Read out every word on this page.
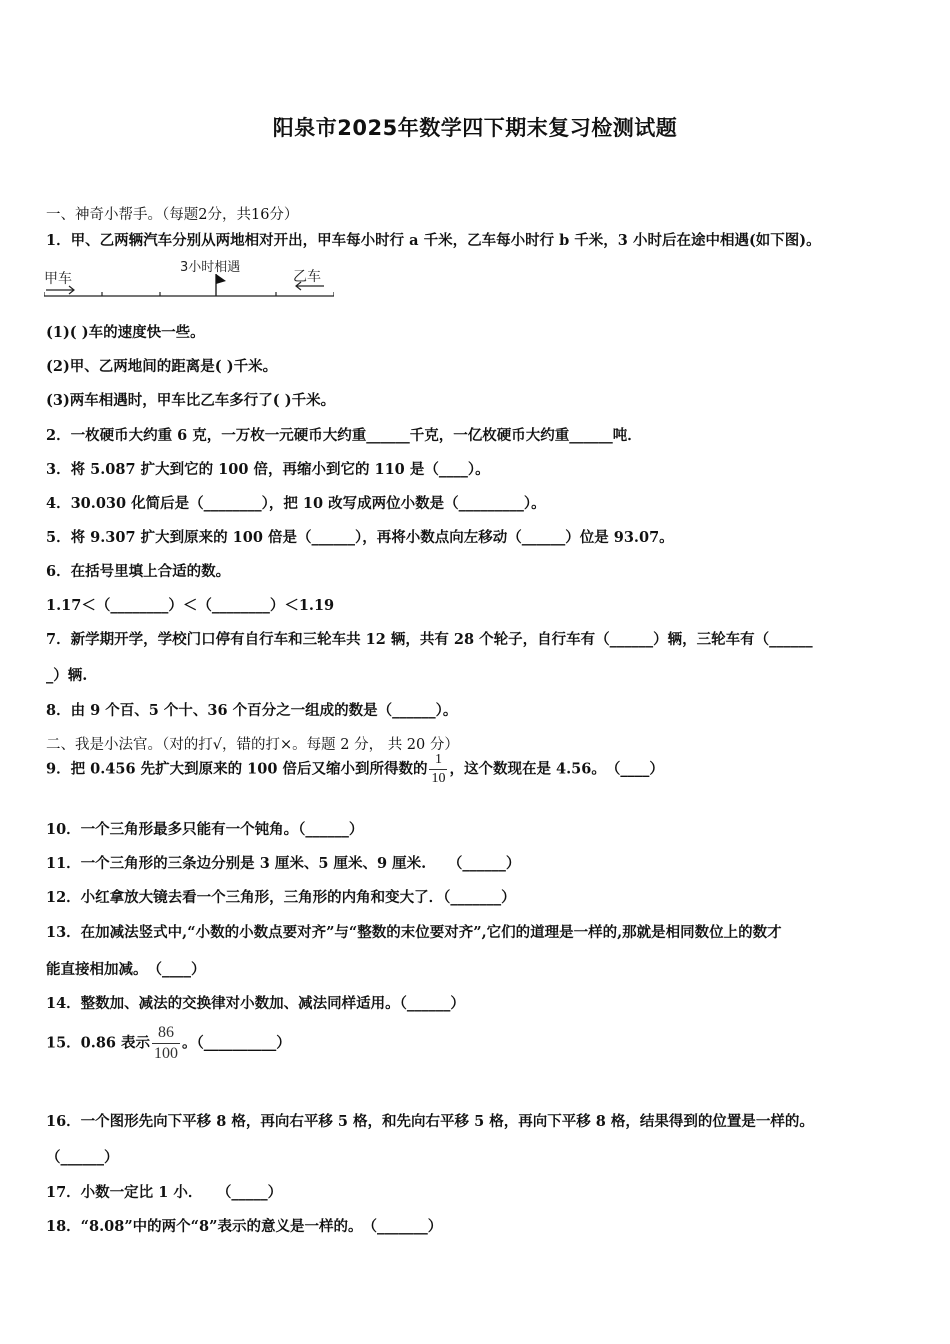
阳泉市2025年数学四下期末复习检测试题
一、神奇小帮手。（每题2分，共16分）
1．甲、乙两辆汽车分别从两地相对开出，甲车每小时行 a 千米，乙车每小时行 b 千米，3 小时后在途中相遇(如下图)。
甲车
3小时相遇
乙车
(1)( )车的速度快一些。
(2)甲、乙两地间的距离是( )千米。
(3)两车相遇时，甲车比乙车多行了( )千米。
2．一枚硬币大约重 6 克，一万枚一元硬币大约重______千克，一亿枚硬币大约重______吨．
3．将 5.087 扩大到它的 100 倍，再缩小到它的 110 是（____）。
4．30.030 化简后是（________），把 10 改写成两位小数是（_________）。
5．将 9.307 扩大到原来的 100 倍是（______），再将小数点向左移动（______）位是 93.07。
6．在括号里填上合适的数。
1.17＜（________）＜（________）＜1.19
7．新学期开学，学校门口停有自行车和三轮车共 12 辆，共有 28 个轮子，自行车有（______）辆，三轮车有（______
_）辆.
8．由 9 个百、5 个十、36 个百分之一组成的数是（______）。
二、我是小法官。（对的打√，错的打×。每题 2 分， 共 20 分）
9．把 0.456 先扩大到原来的 100 倍后又缩小到所得数的 $\frac{1}{10}$ ，这个数现在是 4.56。　（____）
10．一个三角形最多只能有一个钝角。（______）
11．一个三角形的三条边分别是 3 厘米、5 厘米、9 厘米.　　（______）
12．小红拿放大镜去看一个三角形，三角形的内角和变大了．（_______）
13．在加减法竖式中,“小数的小数点要对齐”与“整数的末位要对齐”,它们的道理是一样的,那就是相同数位上的数才
能直接相加减。　（____）
14．整数加、减法的交换律对小数加、减法同样适用。（______）
15．0.86 表示 $\frac{86}{100}$ 。（__________）
16．一个图形先向下平移 8 格，再向右平移 5 格，和先向右平移 5 格，再向下平移 8 格，结果得到的位置是一样的。
（______）
17．小数一定比 1 小．　　（_____）
18．“8.08”中的两个“8”表示的意义是一样的。　（_______）
